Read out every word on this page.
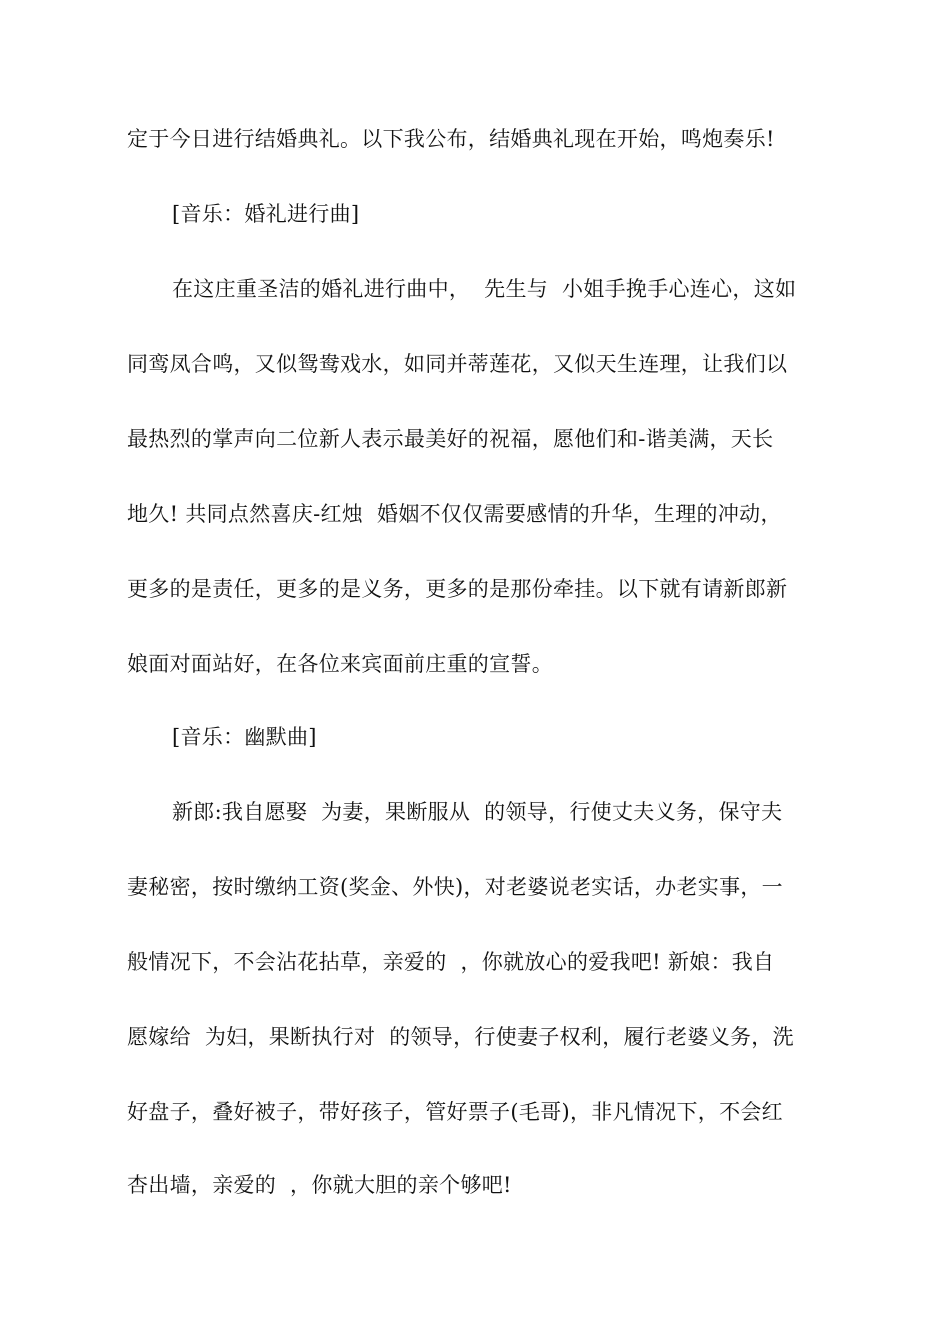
定于今日进行结婚典礼。以下我公布，结婚典礼现在开始，鸣炮奏乐!

[音乐：婚礼进行曲]

在这庄重圣洁的婚礼进行曲中，  先生与  小姐手挽手心连心，这如

同鸾凤合鸣，又似鸳鸯戏水，如同并蒂莲花，又似天生连理，让我们以

最热烈的掌声向二位新人表示最美好的祝福，愿他们和-谐美满，天长

地久! 共同点然喜庆-红烛  婚姻不仅仅需要感情的升华，生理的冲动，

更多的是责任，更多的是义务，更多的是那份牵挂。以下就有请新郎新

娘面对面站好，在各位来宾面前庄重的宣誓。

[音乐：幽默曲]

新郎:我自愿娶  为妻，果断服从  的领导，行使丈夫义务，保守夫

妻秘密，按时缴纳工资(奖金、外快)，对老婆说老实话，办老实事，一

般情况下，不会沾花拈草，亲爱的  ，你就放心的爱我吧! 新娘：我自

愿嫁给  为妇，果断执行对  的领导，行使妻子权利，履行老婆义务，洗

好盘子，叠好被子，带好孩子，管好票子(毛哥)，非凡情况下，不会红

杏出墙，亲爱的  ，你就大胆的亲个够吧!
